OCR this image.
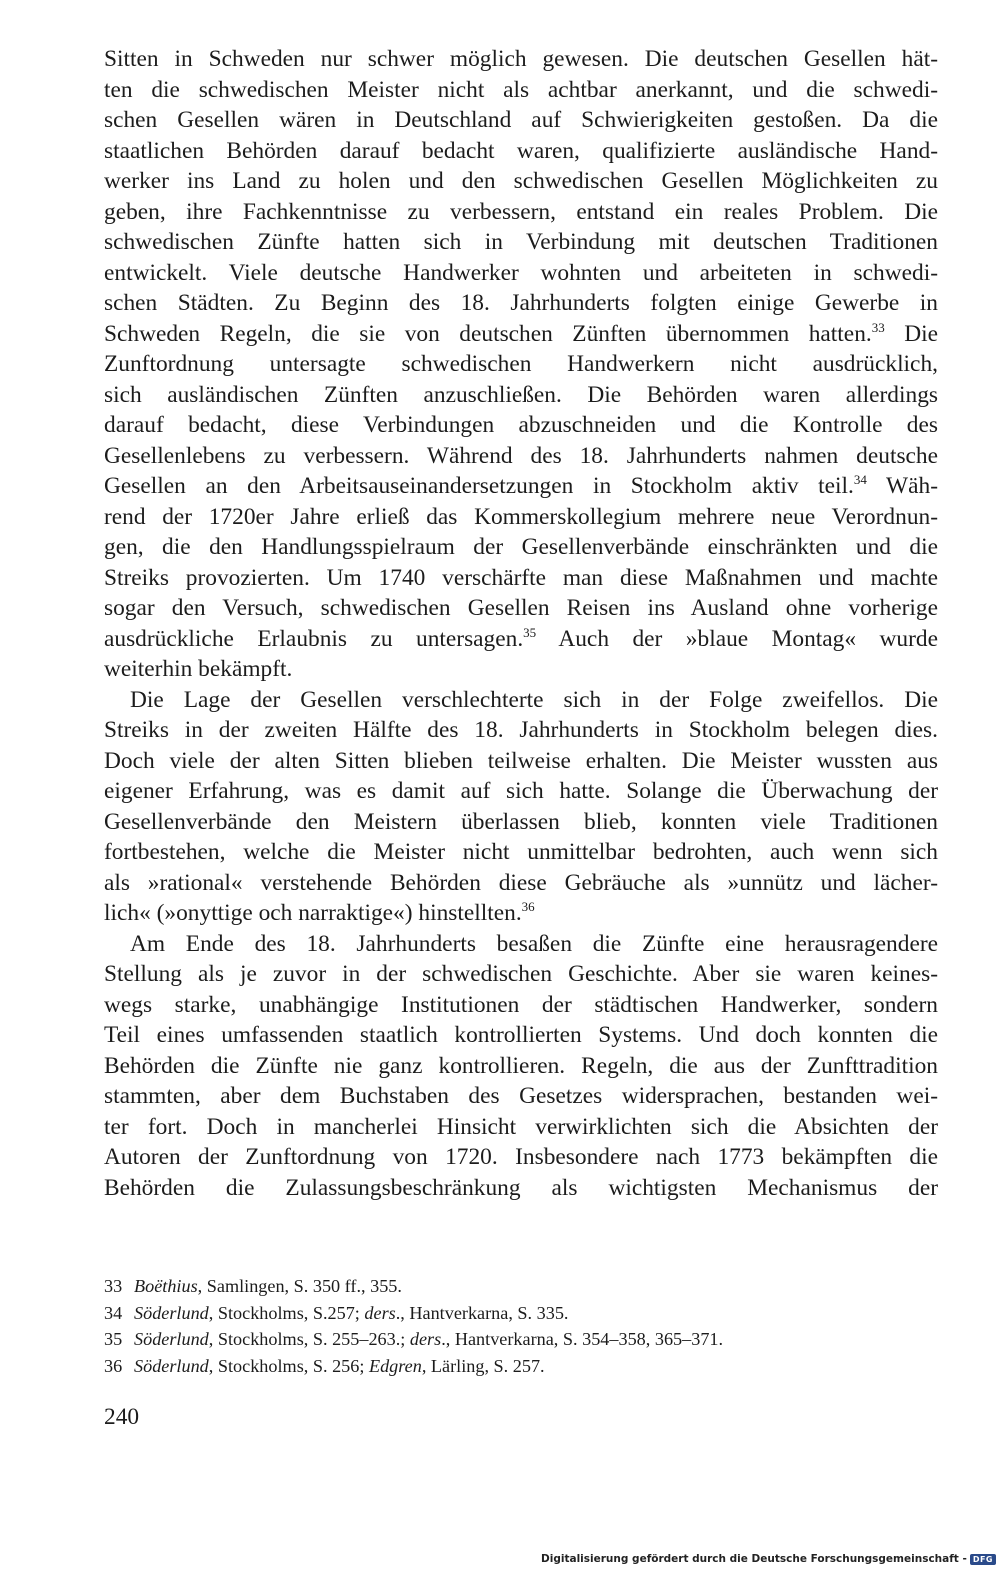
Sitten in Schweden nur schwer möglich gewesen. Die deutschen Gesellen hät-
ten die schwedischen Meister nicht als achtbar anerkannt, und die schwedi-
schen Gesellen wären in Deutschland auf Schwierigkeiten gestoßen. Da die
staatlichen Behörden darauf bedacht waren, qualifizierte ausländische Hand-
werker ins Land zu holen und den schwedischen Gesellen Möglichkeiten zu
geben, ihre Fachkenntnisse zu verbessern, entstand ein reales Problem. Die
schwedischen Zünfte hatten sich in Verbindung mit deutschen Traditionen
entwickelt. Viele deutsche Handwerker wohnten und arbeiteten in schwedi-
schen Städten. Zu Beginn des 18. Jahrhunderts folgten einige Gewerbe in
Schweden Regeln, die sie von deutschen Zünften übernommen hatten.$^{33}$ Die
Zunftordnung untersagte schwedischen Handwerkern nicht ausdrücklich,
sich ausländischen Zünften anzuschließen. Die Behörden waren allerdings
darauf bedacht, diese Verbindungen abzuschneiden und die Kontrolle des
Gesellenlebens zu verbessern. Während des 18. Jahrhunderts nahmen deutsche
Gesellen an den Arbeitsauseinandersetzungen in Stockholm aktiv teil.$^{34}$ Wäh-
rend der 1720er Jahre erließ das Kommerskollegium mehrere neue Verordnun-
gen, die den Handlungsspielraum der Gesellenverbände einschränkten und die
Streiks provozierten. Um 1740 verschärfte man diese Maßnahmen und machte
sogar den Versuch, schwedischen Gesellen Reisen ins Ausland ohne vorherige
ausdrückliche Erlaubnis zu untersagen.$^{35}$ Auch der »blaue Montag« wurde
weiterhin bekämpft.
Die Lage der Gesellen verschlechterte sich in der Folge zweifellos. Die
Streiks in der zweiten Hälfte des 18. Jahrhunderts in Stockholm belegen dies.
Doch viele der alten Sitten blieben teilweise erhalten. Die Meister wussten aus
eigener Erfahrung, was es damit auf sich hatte. Solange die Überwachung der
Gesellenverbände den Meistern überlassen blieb, konnten viele Traditionen
fortbestehen, welche die Meister nicht unmittelbar bedrohten, auch wenn sich
als »rational« verstehende Behörden diese Gebräuche als »unnütz und lächer-
lich« (»onyttige och narraktige«) hinstellten.$^{36}$
Am Ende des 18. Jahrhunderts besaßen die Zünfte eine herausragendere
Stellung als je zuvor in der schwedischen Geschichte. Aber sie waren keines-
wegs starke, unabhängige Institutionen der städtischen Handwerker, sondern
Teil eines umfassenden staatlich kontrollierten Systems. Und doch konnten die
Behörden die Zünfte nie ganz kontrollieren. Regeln, die aus der Zunfttradition
stammten, aber dem Buchstaben des Gesetzes widersprachen, bestanden wei-
ter fort. Doch in mancherlei Hinsicht verwirklichten sich die Absichten der
Autoren der Zunftordnung von 1720. Insbesondere nach 1773 bekämpften die
Behörden die Zulassungsbeschränkung als wichtigsten Mechanismus der
33 Boëthius, Samlingen, S. 350 ff., 355.
34 Söderlund, Stockholms, S.257; ders., Hantverkarna, S. 335.
35 Söderlund, Stockholms, S. 255–263.; ders., Hantverkarna, S. 354–358, 365–371.
36 Söderlund, Stockholms, S. 256; Edgren, Lärling, S. 257.
240
Digitalisierung gefördert durch die Deutsche Forschungsgemeinschaft - DFG
